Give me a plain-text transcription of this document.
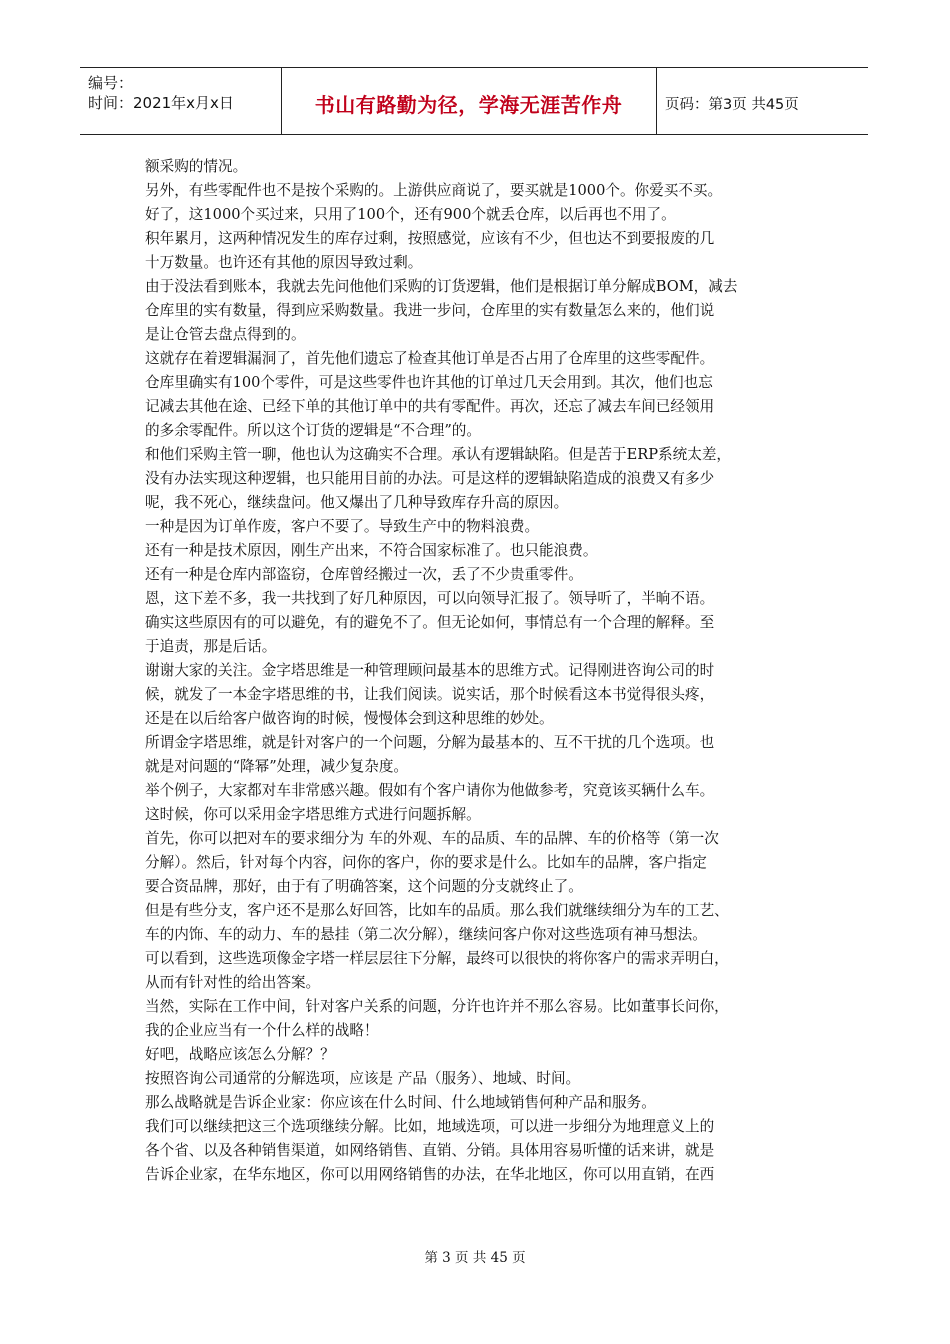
编号：
时间：2021年x月x日	书山有路勤为径，学海无涯苦作舟	页码：第3页 共45页

额采购的情况。

另外，有些零配件也不是按个采购的。上游供应商说了，要买就是1000个。你爱买不买。

好了，这1000个买过来，只用了100个，还有900个就丢仓库，以后再也不用了。

积年累月，这两种情况发生的库存过剩，按照感觉，应该有不少，但也达不到要报废的几

十万数量。也许还有其他的原因导致过剩。

由于没法看到账本，我就去先问他他们采购的订货逻辑，他们是根据订单分解成BOM，减去

仓库里的实有数量，得到应采购数量。我进一步问，仓库里的实有数量怎么来的，他们说

是让仓管去盘点得到的。

这就存在着逻辑漏洞了，首先他们遗忘了检查其他订单是否占用了仓库里的这些零配件。

仓库里确实有100个零件，可是这些零件也许其他的订单过几天会用到。其次，他们也忘

记减去其他在途、已经下单的其他订单中的共有零配件。再次，还忘了减去车间已经领用

的多余零配件。所以这个订货的逻辑是“不合理”的。

和他们采购主管一聊，他也认为这确实不合理。承认有逻辑缺陷。但是苦于ERP系统太差，

没有办法实现这种逻辑，也只能用目前的办法。可是这样的逻辑缺陷造成的浪费又有多少

呢，我不死心，继续盘问。他又爆出了几种导致库存升高的原因。

一种是因为订单作废，客户不要了。导致生产中的物料浪费。

还有一种是技术原因，刚生产出来，不符合国家标准了。也只能浪费。

还有一种是仓库内部盗窃，仓库曾经搬过一次，丢了不少贵重零件。

恩，这下差不多，我一共找到了好几种原因，可以向领导汇报了。领导听了，半晌不语。

确实这些原因有的可以避免，有的避免不了。但无论如何，事情总有一个合理的解释。至

于追责，那是后话。

谢谢大家的关注。金字塔思维是一种管理顾问最基本的思维方式。记得刚进咨询公司的时

候，就发了一本金字塔思维的书，让我们阅读。说实话，那个时候看这本书觉得很头疼，

还是在以后给客户做咨询的时候，慢慢体会到这种思维的妙处。

所谓金字塔思维，就是针对客户的一个问题，分解为最基本的、互不干扰的几个选项。也

就是对问题的“降幂”处理，减少复杂度。

举个例子，大家都对车非常感兴趣。假如有个客户请你为他做参考，究竟该买辆什么车。

这时候，你可以采用金字塔思维方式进行问题拆解。

首先，你可以把对车的要求细分为 车的外观、车的品质、车的品牌、车的价格等（第一次

分解）。然后，针对每个内容，问你的客户，你的要求是什么。比如车的品牌，客户指定

要合资品牌，那好，由于有了明确答案，这个问题的分支就终止了。

但是有些分支，客户还不是那么好回答，比如车的品质。那么我们就继续细分为车的工艺、

车的内饰、车的动力、车的悬挂（第二次分解），继续问客户你对这些选项有神马想法。

可以看到，这些选项像金字塔一样层层往下分解，最终可以很快的将你客户的需求弄明白，

从而有针对性的给出答案。

当然，实际在工作中间，针对客户关系的问题，分许也许并不那么容易。比如董事长问你，

我的企业应当有一个什么样的战略！

好吧，战略应该怎么分解？？

按照咨询公司通常的分解选项，应该是 产品（服务）、地域、时间。

那么战略就是告诉企业家：你应该在什么时间、什么地域销售何种产品和服务。

我们可以继续把这三个选项继续分解。比如，地域选项，可以进一步细分为地理意义上的

各个省、以及各种销售渠道，如网络销售、直销、分销。具体用容易听懂的话来讲，就是

告诉企业家，在华东地区，你可以用网络销售的办法，在华北地区，你可以用直销，在西

第 3 页 共 45 页
